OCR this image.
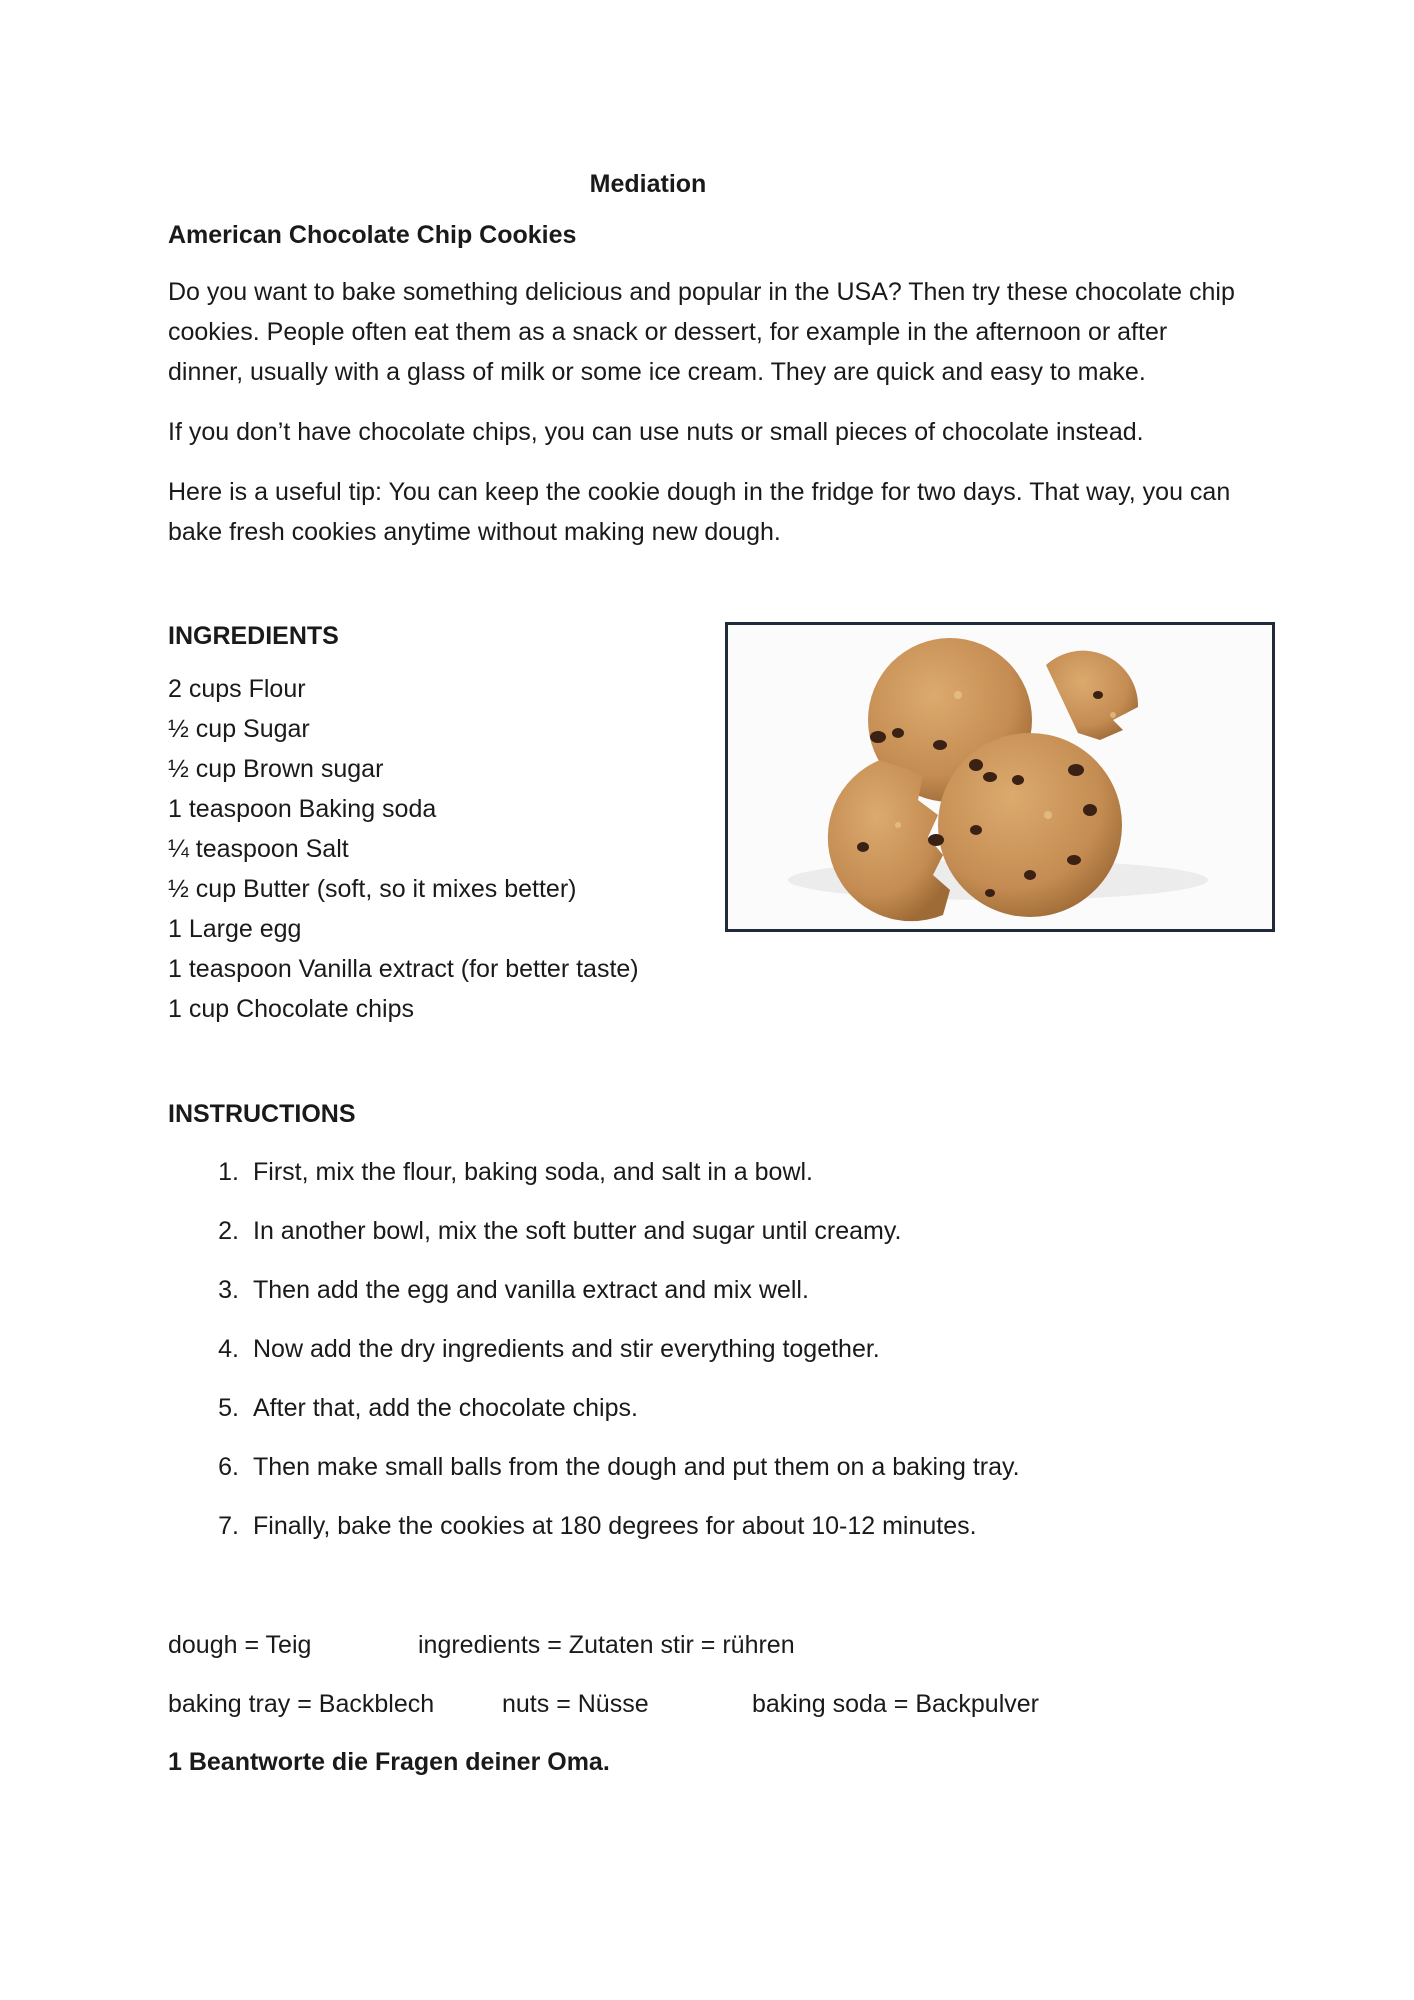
Mediation
American Chocolate Chip Cookies

Do you want to bake something delicious and popular in the USA? Then try these chocolate chip cookies. People often eat them as a snack or dessert, for example in the afternoon or after dinner, usually with a glass of milk or some ice cream. They are quick and easy to make.

If you don’t have chocolate chips, you can use nuts or small pieces of chocolate instead.

Here is a useful tip: You can keep the cookie dough in the fridge for two days. That way, you can bake fresh cookies anytime without making new dough.

INGREDIENTS
2 cups Flour
½ cup Sugar
½ cup Brown sugar
1 teaspoon Baking soda
¼ teaspoon Salt
½ cup Butter (soft, so it mixes better)
1 Large egg
1 teaspoon Vanilla extract (for better taste)
1 cup Chocolate chips
INSTRUCTIONS
1. First, mix the flour, baking soda, and salt in a bowl.
2. In another bowl, mix the soft butter and sugar until creamy.
3. Then add the egg and vanilla extract and mix well.
4. Now add the dry ingredients and stir everything together.
5. After that, add the chocolate chips.
6. Then make small balls from the dough and put them on a baking tray.
7. Finally, bake the cookies at 180 degrees for about 10-12 minutes.
dough = Teig	ingredients = Zutaten stir = rühren
baking tray = Backblech	nuts = Nüsse	baking soda = Backpulver
1 Beantworte die Fragen deiner Oma.
